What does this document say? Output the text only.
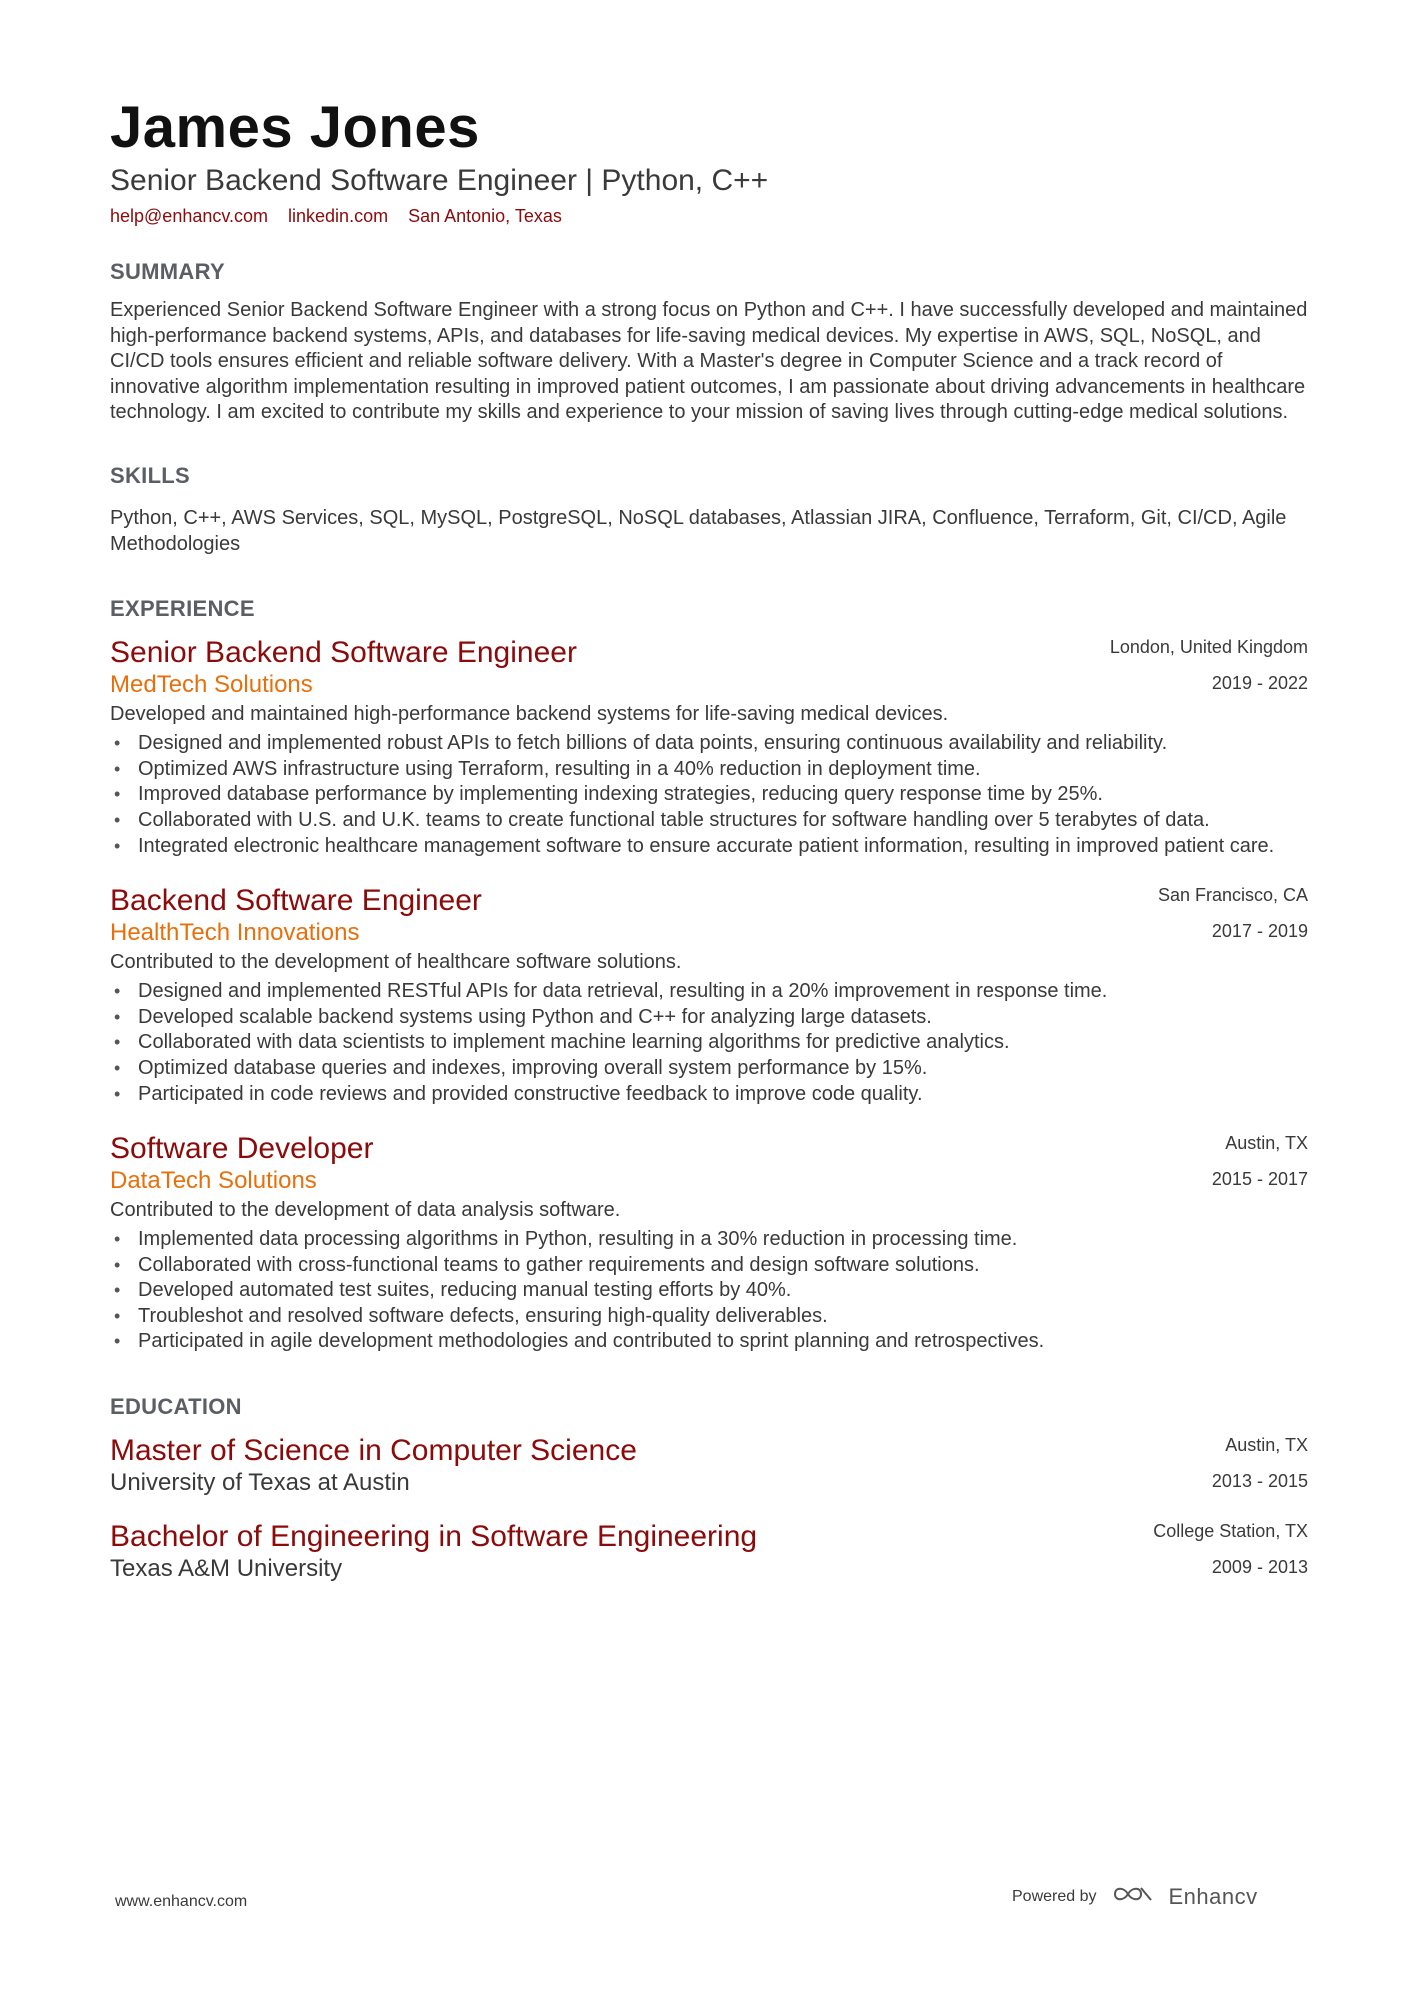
James Jones
Senior Backend Software Engineer | Python, C++
help@enhancv.com linkedin.com San Antonio, Texas
SUMMARY
Experienced Senior Backend Software Engineer with a strong focus on Python and C++. I have successfully developed and maintained high-performance backend systems, APIs, and databases for life-saving medical devices. My expertise in AWS, SQL, NoSQL, and CI/CD tools ensures efficient and reliable software delivery. With a Master's degree in Computer Science and a track record of innovative algorithm implementation resulting in improved patient outcomes, I am passionate about driving advancements in healthcare technology. I am excited to contribute my skills and experience to your mission of saving lives through cutting-edge medical solutions.
SKILLS
Python, C++, AWS Services, SQL, MySQL, PostgreSQL, NoSQL databases, Atlassian JIRA, Confluence, Terraform, Git, CI/CD, Agile Methodologies
EXPERIENCE
Senior Backend Software Engineer
MedTech Solutions
London, United Kingdom
2019 - 2022
Developed and maintained high-performance backend systems for life-saving medical devices.
• Designed and implemented robust APIs to fetch billions of data points, ensuring continuous availability and reliability.
• Optimized AWS infrastructure using Terraform, resulting in a 40% reduction in deployment time.
• Improved database performance by implementing indexing strategies, reducing query response time by 25%.
• Collaborated with U.S. and U.K. teams to create functional table structures for software handling over 5 terabytes of data.
• Integrated electronic healthcare management software to ensure accurate patient information, resulting in improved patient care.
Backend Software Engineer
HealthTech Innovations
San Francisco, CA
2017 - 2019
Contributed to the development of healthcare software solutions.
• Designed and implemented RESTful APIs for data retrieval, resulting in a 20% improvement in response time.
• Developed scalable backend systems using Python and C++ for analyzing large datasets.
• Collaborated with data scientists to implement machine learning algorithms for predictive analytics.
• Optimized database queries and indexes, improving overall system performance by 15%.
• Participated in code reviews and provided constructive feedback to improve code quality.
Software Developer
DataTech Solutions
Austin, TX
2015 - 2017
Contributed to the development of data analysis software.
• Implemented data processing algorithms in Python, resulting in a 30% reduction in processing time.
• Collaborated with cross-functional teams to gather requirements and design software solutions.
• Developed automated test suites, reducing manual testing efforts by 40%.
• Troubleshot and resolved software defects, ensuring high-quality deliverables.
• Participated in agile development methodologies and contributed to sprint planning and retrospectives.
EDUCATION
Master of Science in Computer Science
University of Texas at Austin
Austin, TX
2013 - 2015
Bachelor of Engineering in Software Engineering
Texas A&M University
College Station, TX
2009 - 2013
www.enhancv.com	Powered by	Enhancv
